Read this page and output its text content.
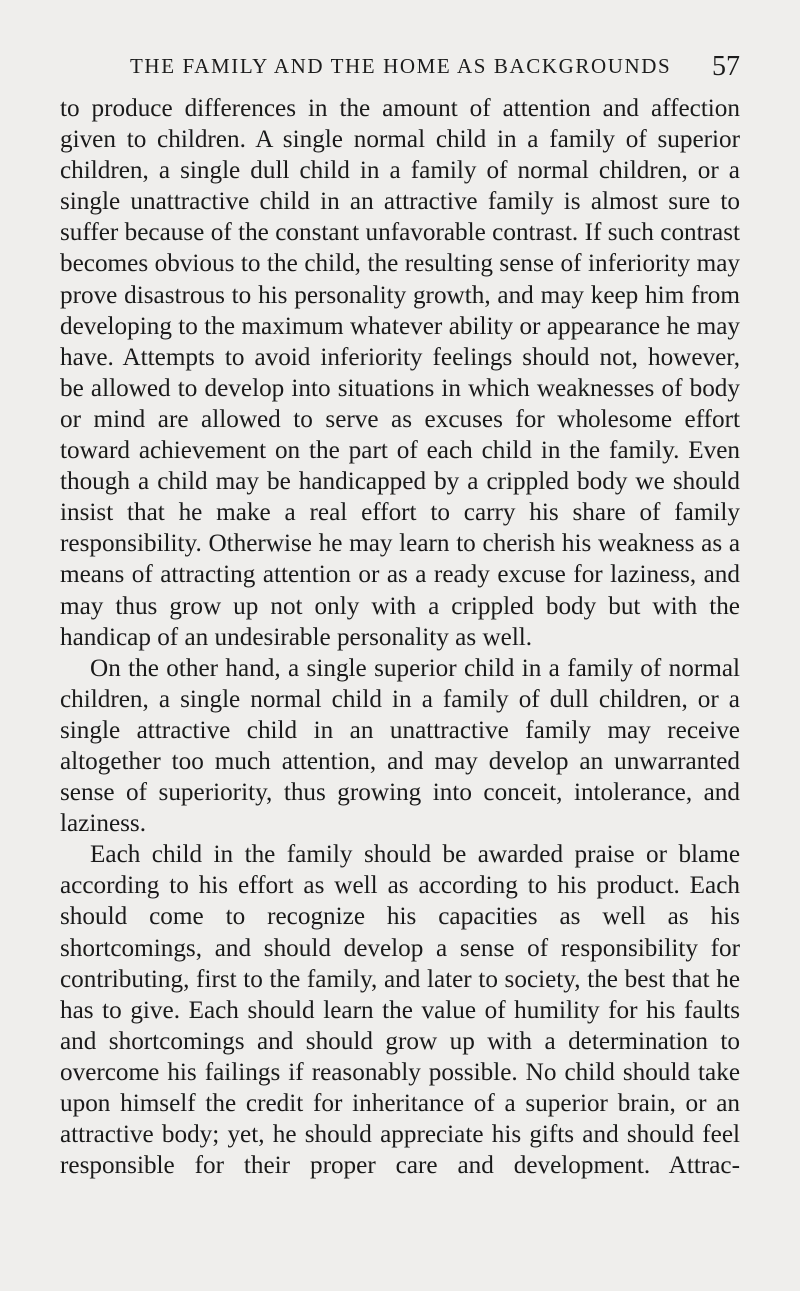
THE FAMILY AND THE HOME AS BACKGROUNDS 57

to produce differences in the amount of attention and affection given to children. A single normal child in a family of superior children, a single dull child in a family of normal children, or a single unattractive child in an attractive family is almost sure to suffer because of the constant unfavorable contrast. If such contrast becomes obvious to the child, the resulting sense of inferiority may prove disastrous to his personality growth, and may keep him from developing to the maximum whatever ability or appearance he may have. Attempts to avoid inferiority feelings should not, however, be allowed to develop into situations in which weaknesses of body or mind are allowed to serve as excuses for wholesome effort toward achievement on the part of each child in the family. Even though a child may be handicapped by a crippled body we should insist that he make a real effort to carry his share of family responsibility. Otherwise he may learn to cherish his weakness as a means of attracting attention or as a ready excuse for laziness, and may thus grow up not only with a crippled body but with the handicap of an undesirable personality as well.

On the other hand, a single superior child in a family of normal children, a single normal child in a family of dull children, or a single attractive child in an unattractive family may receive altogether too much attention, and may develop an unwarranted sense of superiority, thus growing into conceit, intolerance, and laziness.

Each child in the family should be awarded praise or blame according to his effort as well as according to his product. Each should come to recognize his capacities as well as his shortcomings, and should develop a sense of responsibility for contributing, first to the family, and later to society, the best that he has to give. Each should learn the value of humility for his faults and shortcomings and should grow up with a determination to overcome his failings if reasonably possible. No child should take upon himself the credit for inheritance of a superior brain, or an attractive body; yet, he should appreciate his gifts and should feel responsible for their proper care and development. Attrac-
